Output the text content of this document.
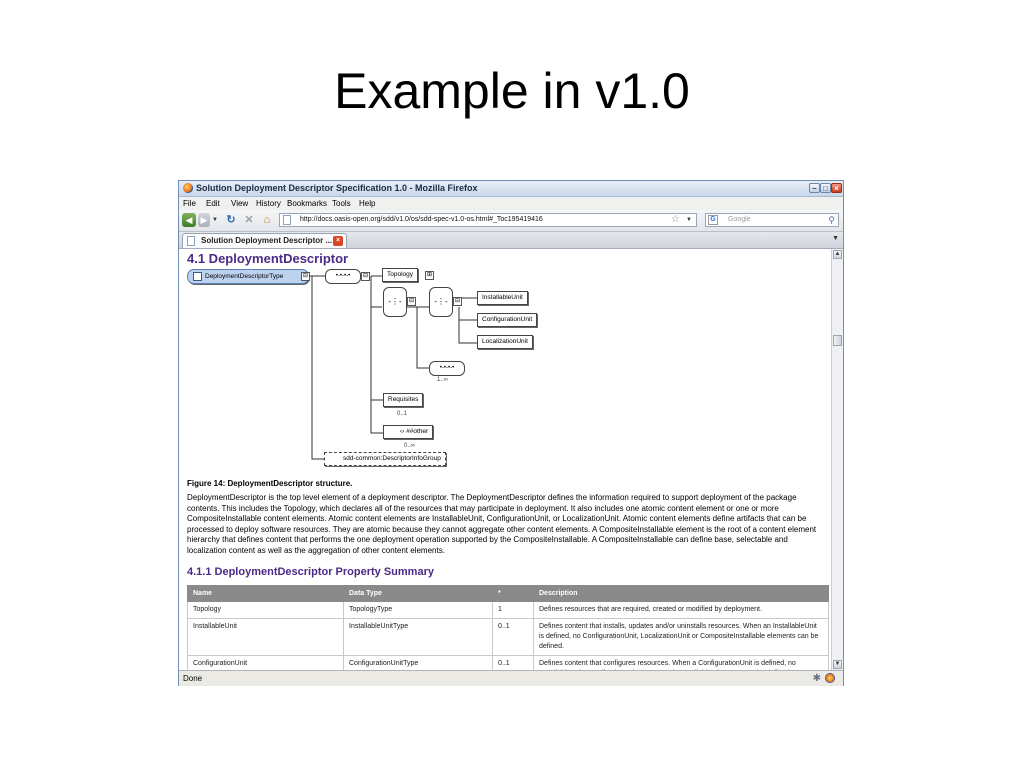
Example in v1.0
Solution Deployment Descriptor Specification 1.0 - Mozilla Firefox	– □ ×
File Edit View History Bookmarks Tools Help
◀ ▶ ▼ ↻ ✕ ⌂	http://docs.oasis-open.org/sdd/v1.0/os/sdd-spec-v1.0-os.html#_Toc195419416	☆ ▼	G	Google	⚲
Solution Deployment Descriptor ... ×	▼
4.1 DeploymentDescriptor
DeploymentDescriptorType	⊟	•-•-•-•	⊟	Topology	⊞
-⋮-	⊟	-⋮-	⊟	InstallableUnit
ConfigurationUnit
LocalizationUnit
•-•-•-•
1..∞
Requisites
0..1
‹› ##other
0..∞
sdd-common:DescriptorInfoGroup
Figure 14: DeploymentDescriptor structure.
DeploymentDescriptor is the top level element of a deployment descriptor. The DeploymentDescriptor defines the information required to support deployment of the package contents. This includes the Topology, which declares all of the resources that may participate in deployment. It also includes one atomic content element or one or more CompositeInstallable content elements. Atomic content elements are InstallableUnit, ConfigurationUnit, or LocalizationUnit. Atomic content elements define artifacts that can be processed to deploy software resources. They are atomic because they cannot aggregate other content elements. A CompositeInstallable element is the root of a content element hierarchy that defines content that performs the one deployment operation supported by the CompositeInstallable. A CompositeInstallable can define base, selectable and localization content as well as the aggregation of other content elements.
4.1.1 DeploymentDescriptor Property Summary
Name	Data Type	*	Description
Topology	TopologyType	1	Defines resources that are required, created or modified by deployment.
InstallableUnit	InstallableUnitType	0..1	Defines content that installs, updates and/or uninstalls resources. When an InstallableUnit is defined, no ConfigurationUnit, LocalizationUnit or CompositeInstallable elements can be defined.
ConfigurationUnit	ConfigurationUnitType	0..1	Defines content that configures resources. When a ConfigurationUnit is defined, no
▲
▼
Done	✱
